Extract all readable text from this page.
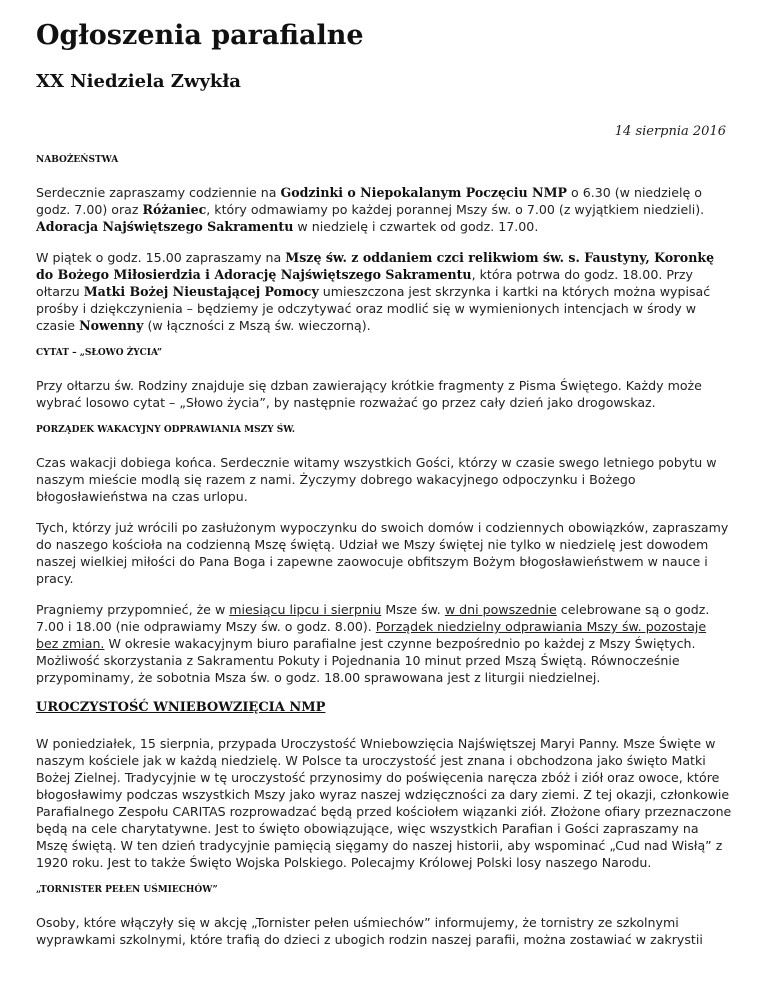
Ogłoszenia parafialne
XX Niedziela Zwykła
14 sierpnia 2016
NABOŻEŃSTWA

Serdecznie zapraszamy codziennie na Godzinki o Niepokalanym Poczęciu NMP o 6.30 (w niedzielę o godz. 7.00) oraz Różaniec, który odmawiamy po każdej porannej Mszy św. o 7.00 (z wyjątkiem niedzieli). Adoracja Najświętszego Sakramentu w niedzielę i czwartek od godz. 17.00.

W piątek o godz. 15.00 zapraszamy na Mszę św. z oddaniem czci relikwiom św. s. Faustyny, Koronkę do Bożego Miłosierdzia i Adorację Najświętszego Sakramentu, która potrwa do godz. 18.00. Przy ołtarzu Matki Bożej Nieustającej Pomocy umieszczona jest skrzynka i kartki na których można wypisać prośby i dziękczynienia – będziemy je odczytywać oraz modlić się w wymienionych intencjach w środy w czasie Nowenny (w łączności z Mszą św. wieczorną).

CYTAT – „SŁOWO ŻYCIA”

Przy ołtarzu św. Rodziny znajduje się dzban zawierający krótkie fragmenty z Pisma Świętego. Każdy może wybrać losowo cytat – „Słowo życia”, by następnie rozważać go przez cały dzień jako drogowskaz.

PORZĄDEK WAKACYJNY ODPRAWIANIA MSZY ŚW.

Czas wakacji dobiega końca. Serdecznie witamy wszystkich Gości, którzy w czasie swego letniego pobytu w naszym mieście modlą się razem z nami. Życzymy dobrego wakacyjnego odpoczynku i Bożego błogosławieństwa na czas urlopu.

Tych, którzy już wrócili po zasłużonym wypoczynku do swoich domów i codziennych obowiązków, zapraszamy do naszego kościoła na codzienną Mszę świętą. Udział we Mszy świętej nie tylko w niedzielę jest dowodem naszej wielkiej miłości do Pana Boga i zapewne zaowocuje obfitszym Bożym błogosławieństwem w nauce i pracy.

Pragniemy przypomnieć, że w miesiącu lipcu i sierpniu Msze św. w dni powszednie celebrowane są o godz. 7.00 i 18.00 (nie odprawiamy Mszy św. o godz. 8.00). Porządek niedzielny odprawiania Mszy św. pozostaje bez zmian. W okresie wakacyjnym biuro parafialne jest czynne bezpośrednio po każdej z Mszy Świętych. Możliwość skorzystania z Sakramentu Pokuty i Pojednania 10 minut przed Mszą Świętą. Równocześnie przypominamy, że sobotnia Msza św. o godz. 18.00 sprawowana jest z liturgii niedzielnej.

UROCZYSTOŚĆ WNIEBOWZIĘCIA NMP

W poniedziałek, 15 sierpnia, przypada Uroczystość Wniebowzięcia Najświętszej Maryi Panny. Msze Święte w naszym kościele jak w każdą niedzielę. W Polsce ta uroczystość jest znana i obchodzona jako święto Matki Bożej Zielnej. Tradycyjnie w tę uroczystość przynosimy do poświęcenia naręcza zbóż i ziół oraz owoce, które błogosławimy podczas wszystkich Mszy jako wyraz naszej wdzięczności za dary ziemi. Z tej okazji, członkowie Parafialnego Zespołu CARITAS rozprowadzać będą przed kościołem wiązanki ziół. Złożone ofiary przeznaczone będą na cele charytatywne. Jest to święto obowiązujące, więc wszystkich Parafian i Gości zapraszamy na Mszę świętą. W ten dzień tradycyjnie pamięcią sięgamy do naszej historii, aby wspominać „Cud nad Wisłą” z 1920 roku. Jest to także Święto Wojska Polskiego. Polecajmy Królowej Polski losy naszego Narodu.

„TORNISTER PEŁEN UŚMIECHÓW”

Osoby, które włączyły się w akcję „Tornister pełen uśmiechów” informujemy, że tornistry ze szkolnymi wyprawkami szkolnymi, które trafią do dzieci z ubogich rodzin naszej parafii, można zostawiać w zakrystii
